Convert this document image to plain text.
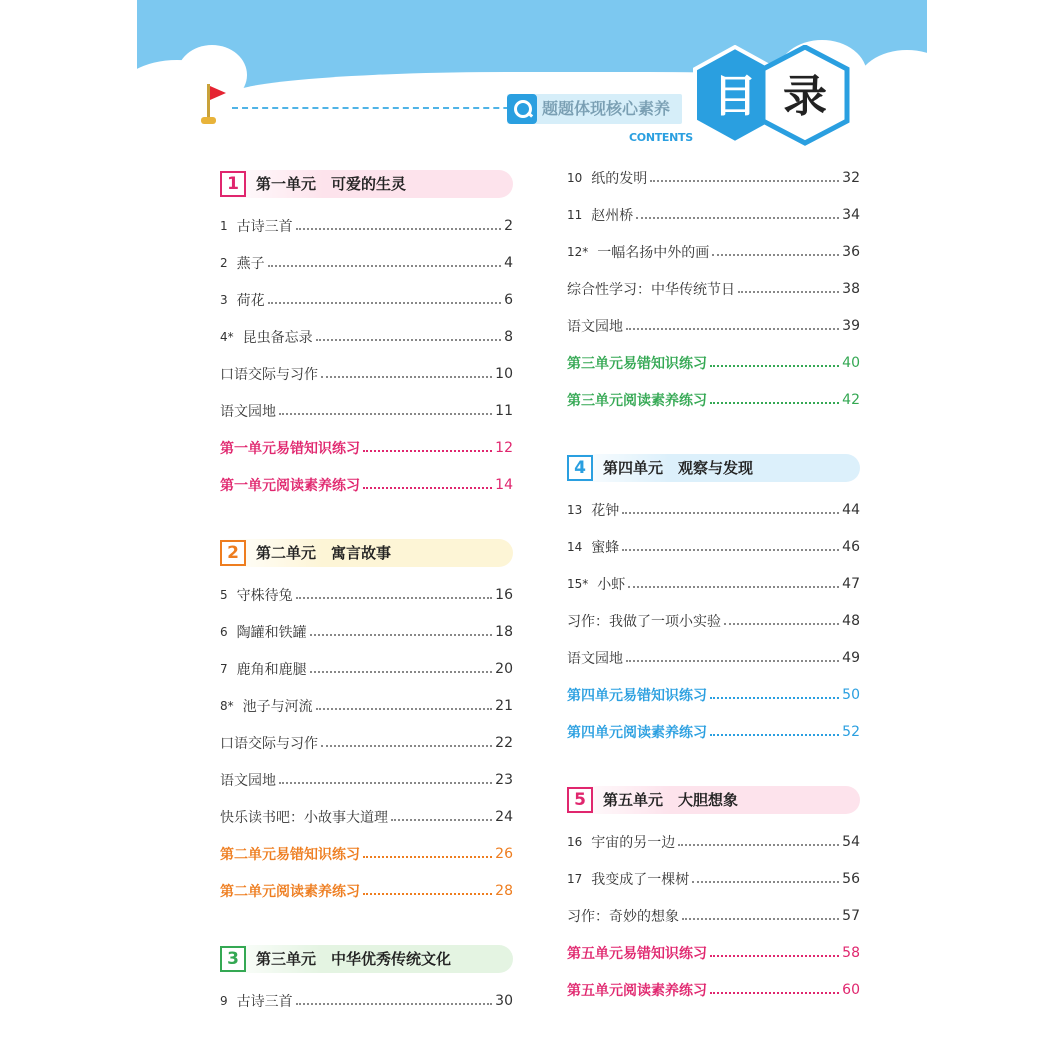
题题体现核心素养 目 录
CONTENTS
1	第一单元　可爱的生灵
1 古诗三首	2
2 燕子	4
3 荷花	6
4* 昆虫备忘录	8
口语交际与习作	10
语文园地	11
第一单元易错知识练习	12
第一单元阅读素养练习	14
2	第二单元　寓言故事
5 守株待兔	16
6 陶罐和铁罐	18
7 鹿角和鹿腿	20
8* 池子与河流	21
口语交际与习作	22
语文园地	23
快乐读书吧：小故事大道理	24
第二单元易错知识练习	26
第二单元阅读素养练习	28
3	第三单元　中华优秀传统文化
9 古诗三首	30
10 纸的发明	32
11 赵州桥	34
12* 一幅名扬中外的画	36
综合性学习：中华传统节日	38
语文园地	39
第三单元易错知识练习	40
第三单元阅读素养练习	42
4	第四单元　观察与发现
13 花钟	44
14 蜜蜂	46
15* 小虾	47
习作：我做了一项小实验	48
语文园地	49
第四单元易错知识练习	50
第四单元阅读素养练习	52
5	第五单元　大胆想象
16 宇宙的另一边	54
17 我变成了一棵树	56
习作：奇妙的想象	57
第五单元易错知识练习	58
第五单元阅读素养练习	60
